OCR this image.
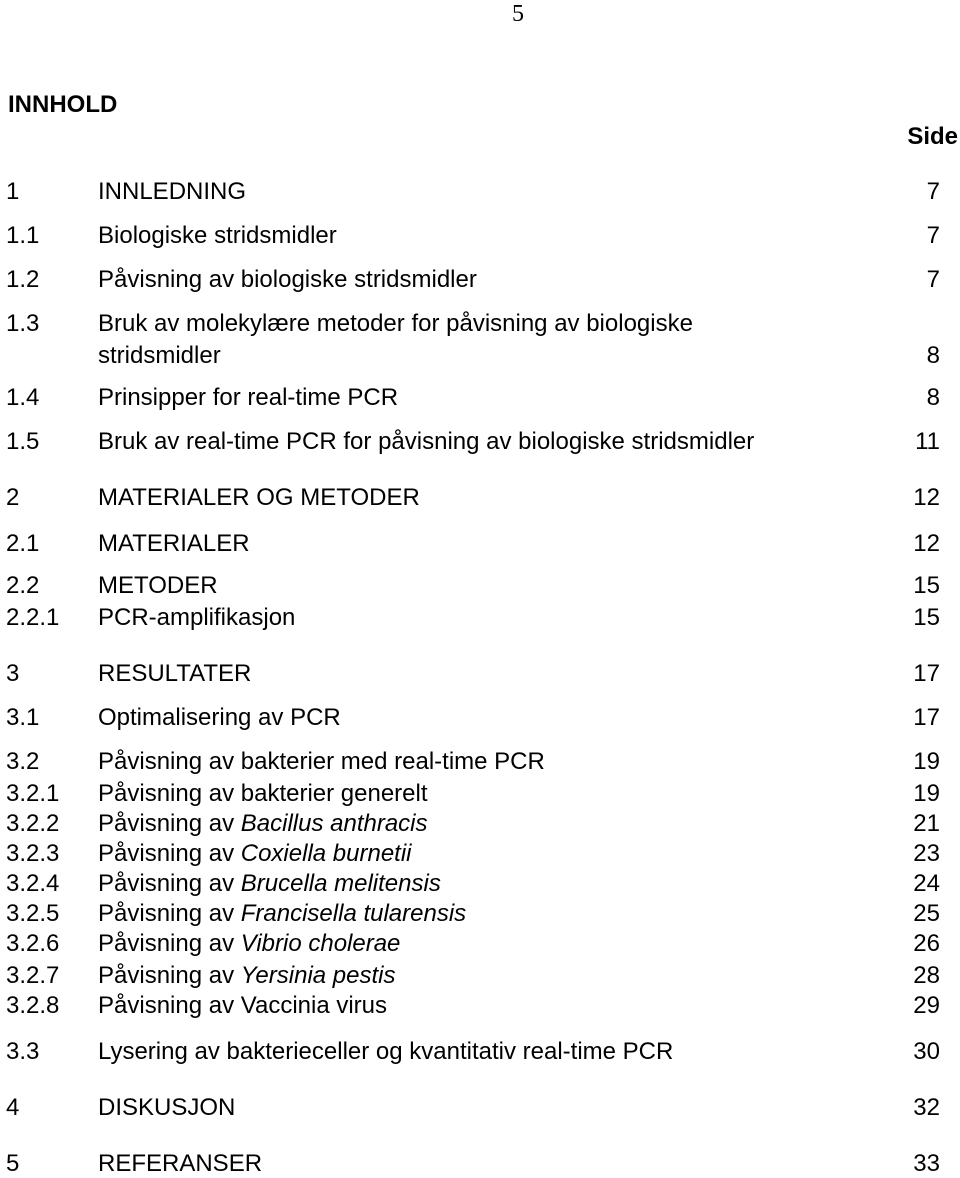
5
INNHOLD
Side
1	INNLEDNING	7
1.1 Biologiske stridsmidler	7
1.2 Påvisning av biologiske stridsmidler	7
1.3 Bruk av molekylære metoder for påvisning av biologiske
stridsmidler	8
1.4 Prinsipper for real-time PCR	8
1.5 Bruk av real-time PCR for påvisning av biologiske stridsmidler	11
2	MATERIALER OG METODER	12
2.1 MATERIALER	12
2.2 METODER	15
2.2.1 PCR-amplifikasjon	15
3	RESULTATER	17
3.1 Optimalisering av PCR	17
3.2 Påvisning av bakterier med real-time PCR	19
3.2.1 Påvisning av bakterier generelt	19
3.2.2 Påvisning av Bacillus anthracis	21
3.2.3 Påvisning av Coxiella burnetii	23
3.2.4 Påvisning av Brucella melitensis	24
3.2.5 Påvisning av Francisella tularensis	25
3.2.6 Påvisning av Vibrio cholerae	26
3.2.7 Påvisning av Yersinia pestis	28
3.2.8 Påvisning av Vaccinia virus	29
3.3 Lysering av bakterieceller og kvantitativ real-time PCR	30
4	DISKUSJON	32
5	REFERANSER	33
